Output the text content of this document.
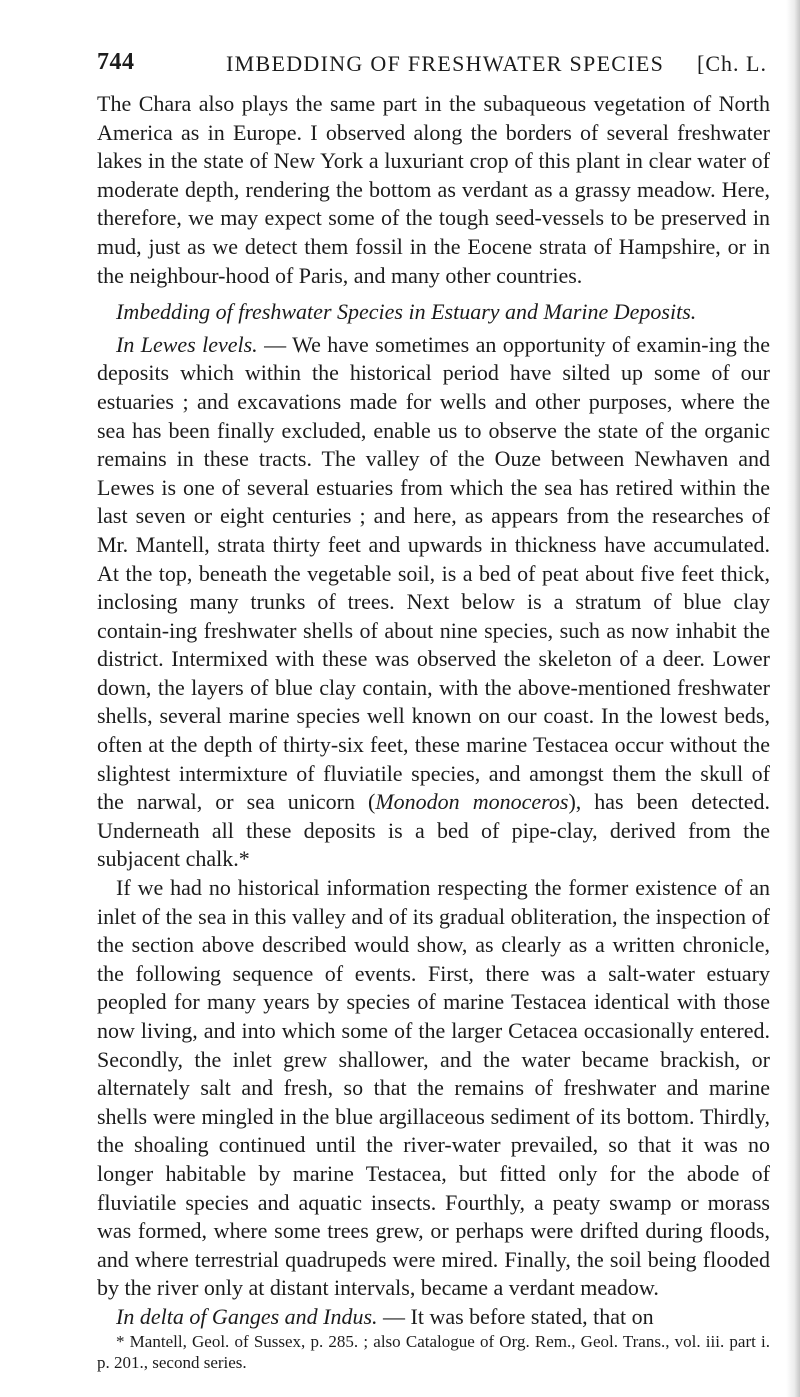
744	IMBEDDING OF FRESHWATER SPECIES [Ch. L.

The Chara also plays the same part in the subaqueous vegetation of North America as in Europe. I observed along the borders of several freshwater lakes in the state of New York a luxuriant crop of this plant in clear water of moderate depth, rendering the bottom as verdant as a grassy meadow. Here, therefore, we may expect some of the tough seed-vessels to be preserved in mud, just as we detect them fossil in the Eocene strata of Hampshire, or in the neighbour-hood of Paris, and many other countries.

Imbedding of freshwater Species in Estuary and Marine Deposits.

In Lewes levels. — We have sometimes an opportunity of examin-ing the deposits which within the historical period have silted up some of our estuaries ; and excavations made for wells and other purposes, where the sea has been finally excluded, enable us to observe the state of the organic remains in these tracts. The valley of the Ouze between Newhaven and Lewes is one of several estuaries from which the sea has retired within the last seven or eight centuries ; and here, as appears from the researches of Mr. Mantell, strata thirty feet and upwards in thickness have accumulated. At the top, beneath the vegetable soil, is a bed of peat about five feet thick, inclosing many trunks of trees. Next below is a stratum of blue clay contain-ing freshwater shells of about nine species, such as now inhabit the district. Intermixed with these was observed the skeleton of a deer. Lower down, the layers of blue clay contain, with the above-mentioned freshwater shells, several marine species well known on our coast. In the lowest beds, often at the depth of thirty-six feet, these marine Testacea occur without the slightest intermixture of fluviatile species, and amongst them the skull of the narwal, or sea unicorn (Monodon monoceros), has been detected. Underneath all these deposits is a bed of pipe-clay, derived from the subjacent chalk.*

If we had no historical information respecting the former existence of an inlet of the sea in this valley and of its gradual obliteration, the inspection of the section above described would show, as clearly as a written chronicle, the following sequence of events. First, there was a salt-water estuary peopled for many years by species of marine Testacea identical with those now living, and into which some of the larger Cetacea occasionally entered. Secondly, the inlet grew shallower, and the water became brackish, or alternately salt and fresh, so that the remains of freshwater and marine shells were mingled in the blue argillaceous sediment of its bottom. Thirdly, the shoaling continued until the river-water prevailed, so that it was no longer habitable by marine Testacea, but fitted only for the abode of fluviatile species and aquatic insects. Fourthly, a peaty swamp or morass was formed, where some trees grew, or perhaps were drifted during floods, and where terrestrial quadrupeds were mired. Finally, the soil being flooded by the river only at distant intervals, became a verdant meadow.

In delta of Ganges and Indus. — It was before stated, that on

* Mantell, Geol. of Sussex, p. 285. ; also Catalogue of Org. Rem., Geol. Trans., vol. iii. part i. p. 201., second series.
